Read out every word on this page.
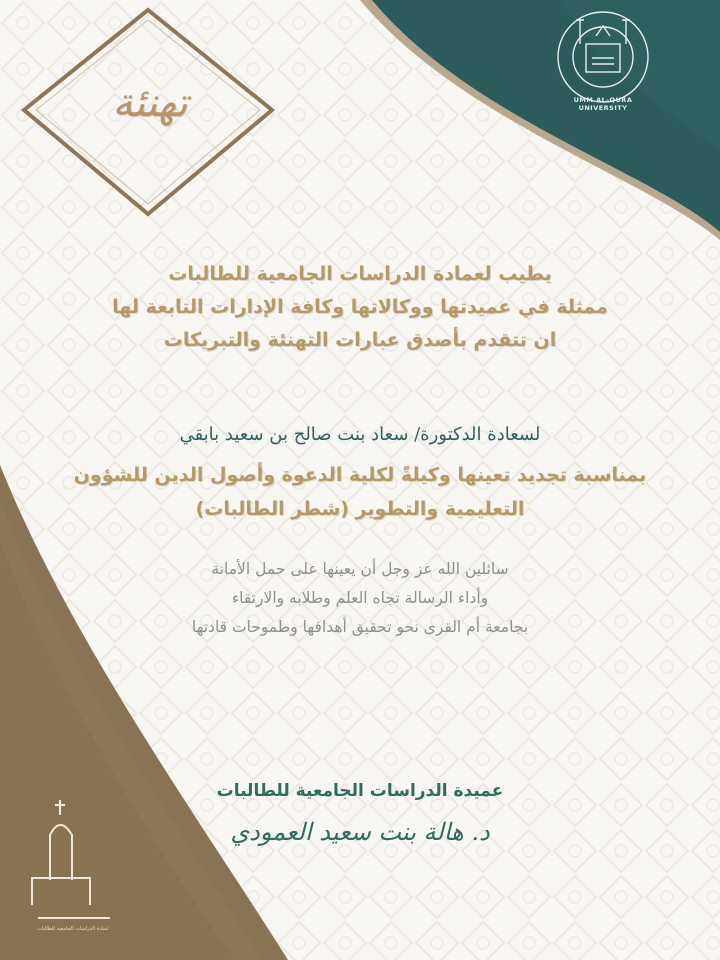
تهنئة	UMM AL-QURA UNIVERSITY
يطيب لعمادة الدراسات الجامعية للطالبات
ممثلة في عميدتها ووكالاتها وكافة الإدارات التابعة لها
ان تتقدم بأصدق عبارات التهنئة والتبريكات
لسعادة الدكتورة/ سعاد بنت صالح بن سعيد بابقي
بمناسبة تجديد تعينها وكيلةً لكلية الدعوة وأصول الدين للشؤون
التعليمية والتطوير (شطر الطالبات)
سائلين الله عز وجل أن يعينها على حمل الأمانة
وأداء الرسالة تجاه العلم وطلابه والارتقاء
بجامعة أم القرى نحو تحقيق أهدافها وطموحات قادتها
عميدة الدراسات الجامعية للطالبات
د. هالة بنت سعيد العمودي
عمادة الدراسات الجامعية للطالبات
